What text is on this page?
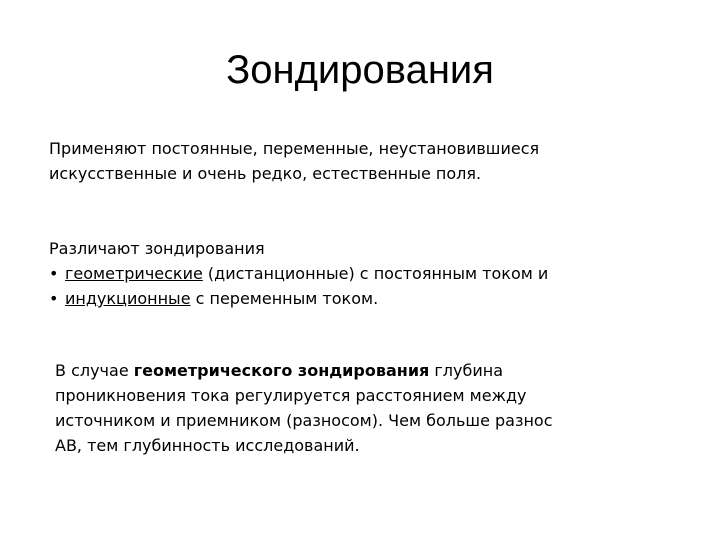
Зондирования
Применяют постоянные, переменные, неустановившиеся
искусственные и очень редко, естественные поля.
Различают зондирования
• геометрические (дистанционные) с постоянным током и
• индукционные с переменным током.
В случае геометрического зондирования глубина
проникновения тока регулируется расстоянием между
источником и приемником (разносом). Чем больше разнос
АВ, тем глубинность исследований.
